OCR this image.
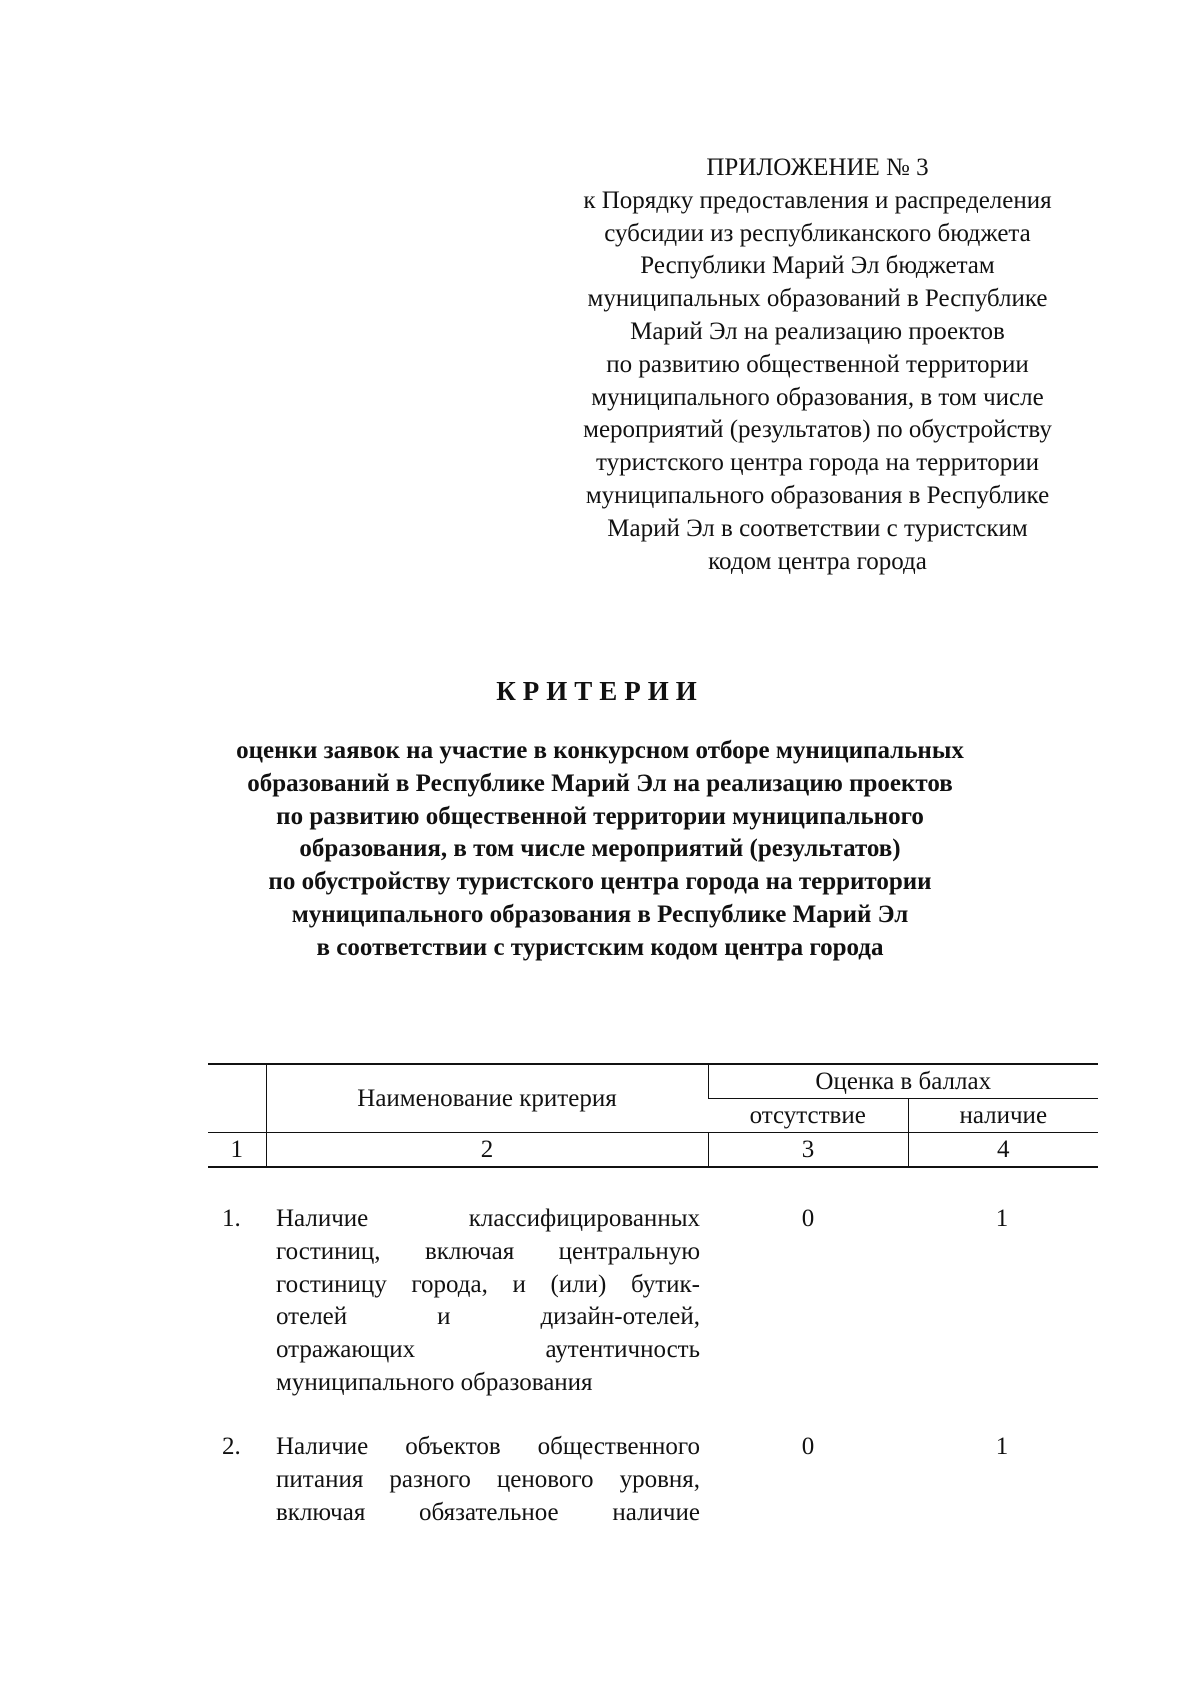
ПРИЛОЖЕНИЕ № 3
к Порядку предоставления и распределения
субсидии из республиканского бюджета
Республики Марий Эл бюджетам
муниципальных образований в Республике
Марий Эл на реализацию проектов
по развитию общественной территории
муниципального образования, в том числе
мероприятий (результатов) по обустройству
туристского центра города на территории
муниципального образования в Республике
Марий Эл в соответствии с туристским
кодом центра города
КРИТЕРИИ
оценки заявок на участие в конкурсном отборе муниципальных
образований в Республике Марий Эл на реализацию проектов
по развитию общественной территории муниципального
образования, в том числе мероприятий (результатов)
по обустройству туристского центра города на территории
муниципального образования в Республике Марий Эл
в соответствии с туристским кодом центра города
	Наименование критерия	Оценка в баллах	
		отсутствие	наличие
1	2	3	4
1.	Наличие классифицированных
гостиниц, включая центральную
гостиницу города, и (или) бутик-
отелей и дизайн-отелей,
отражающих аутентичность
муниципального образования
0	1
2.	Наличие объектов общественного
питания разного ценового уровня,
включая обязательное наличие
0	1
